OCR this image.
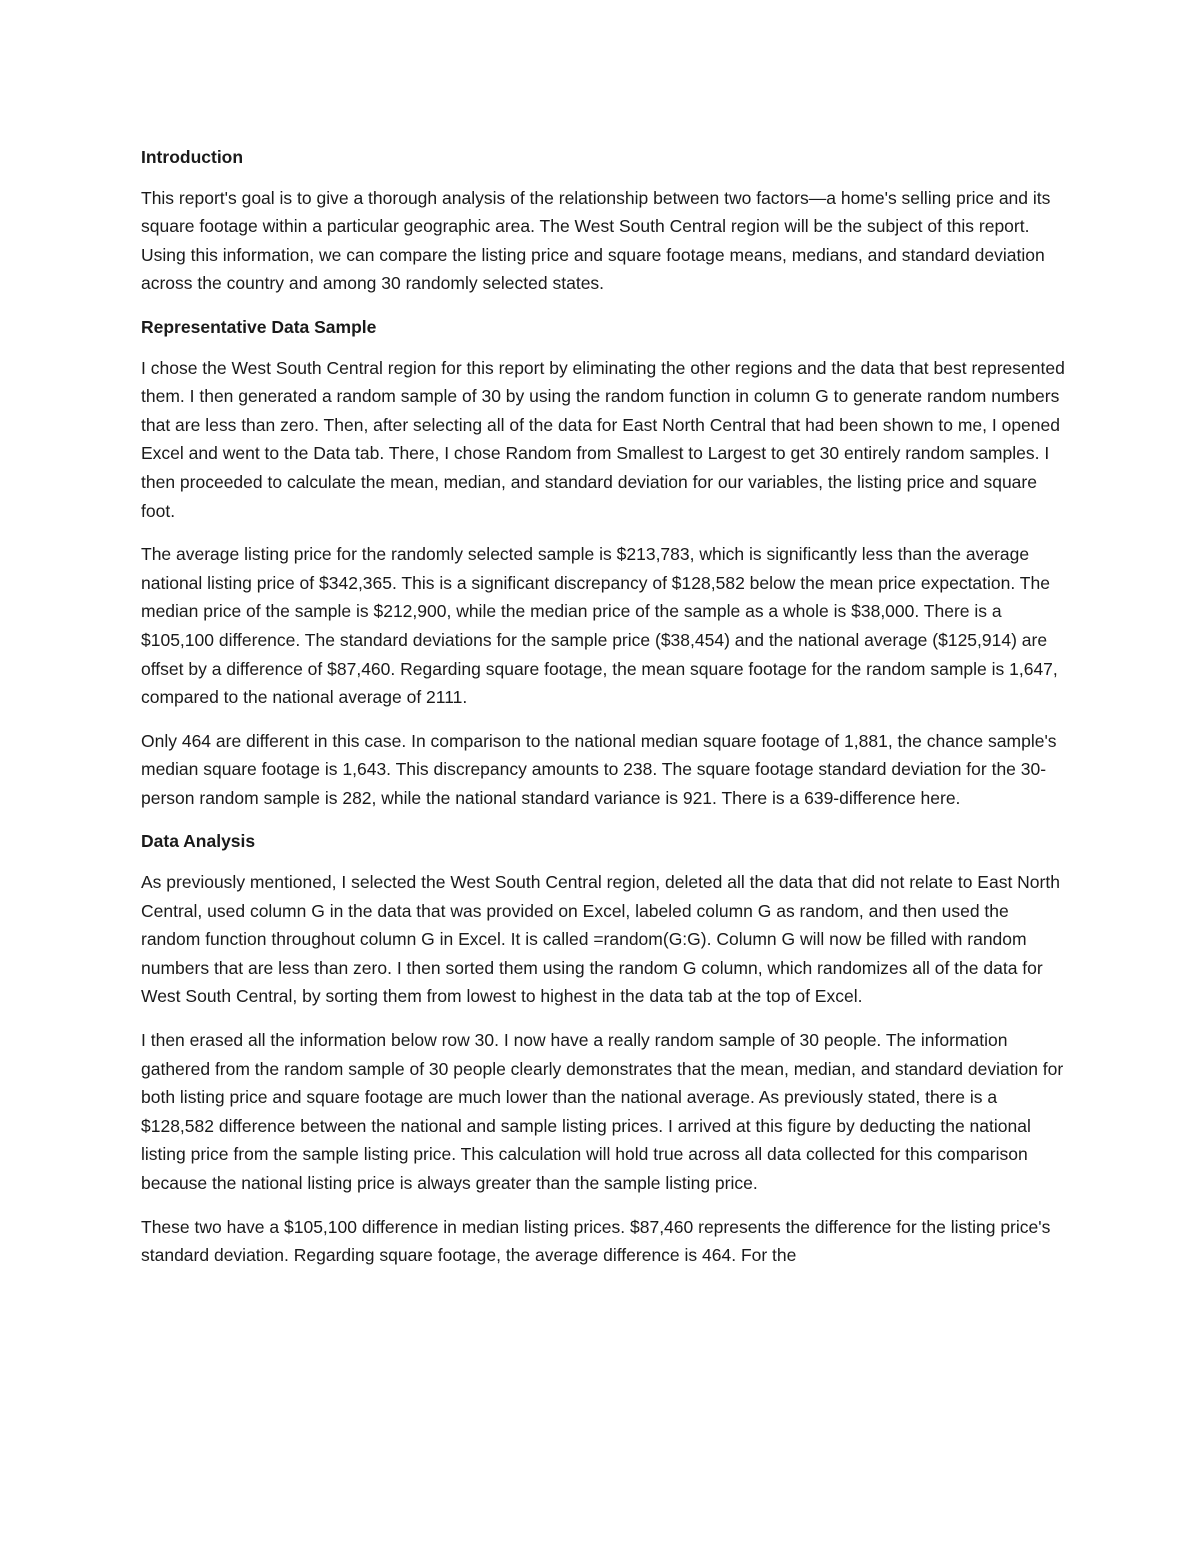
Introduction

This report's goal is to give a thorough analysis of the relationship between two factors—a home's selling price and its square footage within a particular geographic area. The West South Central region will be the subject of this report. Using this information, we can compare the listing price and square footage means, medians, and standard deviation across the country and among 30 randomly selected states.

Representative Data Sample

I chose the West South Central region for this report by eliminating the other regions and the data that best represented them. I then generated a random sample of 30 by using the random function in column G to generate random numbers that are less than zero. Then, after selecting all of the data for East North Central that had been shown to me, I opened Excel and went to the Data tab. There, I chose Random from Smallest to Largest to get 30 entirely random samples. I then proceeded to calculate the mean, median, and standard deviation for our variables, the listing price and square foot.

The average listing price for the randomly selected sample is $213,783, which is significantly less than the average national listing price of $342,365. This is a significant discrepancy of $128,582 below the mean price expectation. The median price of the sample is $212,900, while the median price of the sample as a whole is $38,000. There is a $105,100 difference. The standard deviations for the sample price ($38,454) and the national average ($125,914) are offset by a difference of $87,460. Regarding square footage, the mean square footage for the random sample is 1,647, compared to the national average of 2111.

Only 464 are different in this case. In comparison to the national median square footage of 1,881, the chance sample's median square footage is 1,643. This discrepancy amounts to 238. The square footage standard deviation for the 30-person random sample is 282, while the national standard variance is 921. There is a 639-difference here.

Data Analysis

As previously mentioned, I selected the West South Central region, deleted all the data that did not relate to East North Central, used column G in the data that was provided on Excel, labeled column G as random, and then used the random function throughout column G in Excel. It is called =random(G:G). Column G will now be filled with random numbers that are less than zero. I then sorted them using the random G column, which randomizes all of the data for West South Central, by sorting them from lowest to highest in the data tab at the top of Excel.

I then erased all the information below row 30. I now have a really random sample of 30 people. The information gathered from the random sample of 30 people clearly demonstrates that the mean, median, and standard deviation for both listing price and square footage are much lower than the national average. As previously stated, there is a $128,582 difference between the national and sample listing prices. I arrived at this figure by deducting the national listing price from the sample listing price. This calculation will hold true across all data collected for this comparison because the national listing price is always greater than the sample listing price.

These two have a $105,100 difference in median listing prices. $87,460 represents the difference for the listing price's standard deviation. Regarding square footage, the average difference is 464. For the
